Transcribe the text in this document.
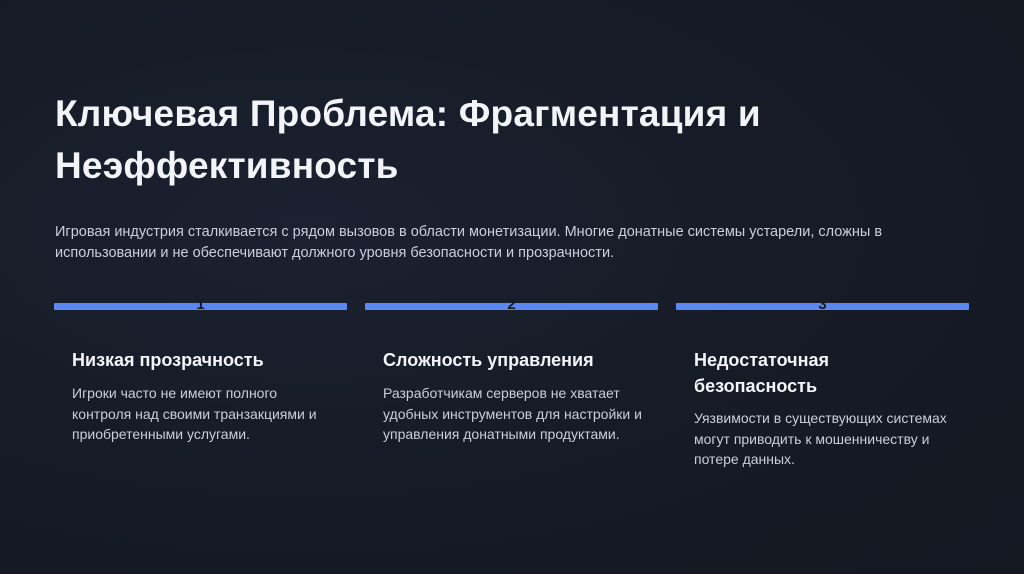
Ключевая Проблема: Фрагментация и Неэффективность

Игровая индустрия сталкивается с рядом вызовов в области монетизации. Многие донатные системы устарели, сложны в использовании и не обеспечивают должного уровня безопасности и прозрачности.

1
Низкая прозрачность

Игроки часто не имеют полного контроля над своими транзакциями и приобретенными услугами.

2
Сложность управления

Разработчикам серверов не хватает удобных инструментов для настройки и управления донатными продуктами.

3
Недостаточная безопасность

Уязвимости в существующих системах могут приводить к мошенничеству и потере данных.
